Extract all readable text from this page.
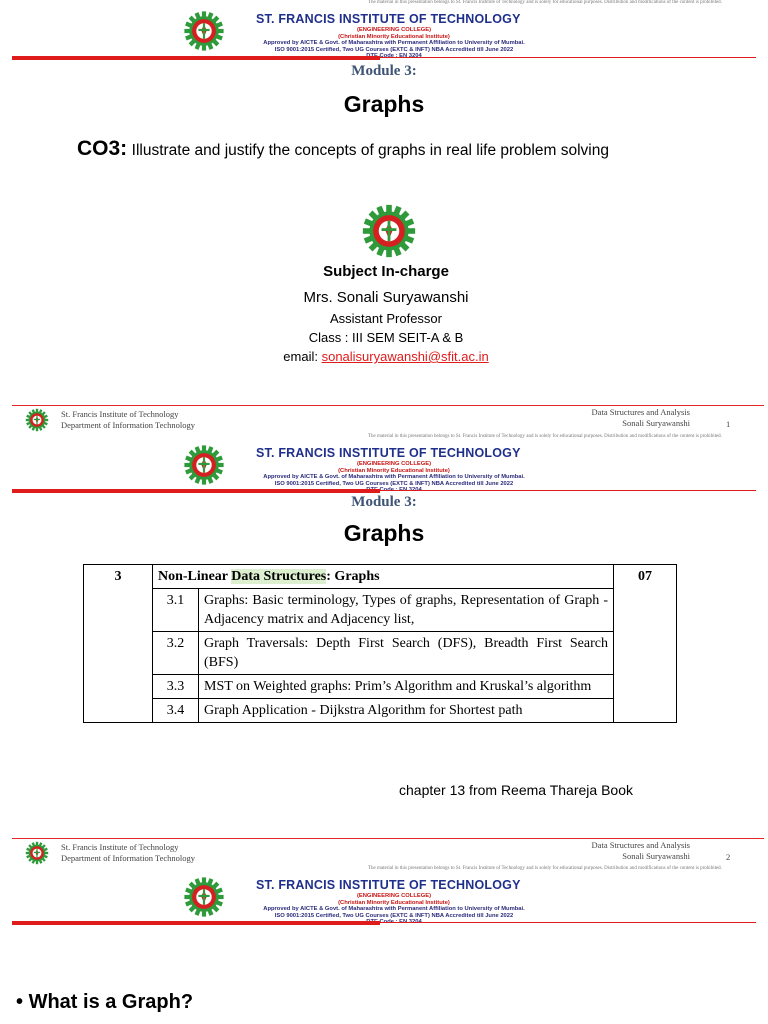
The material in this presentation belongs to St. Francis Institute of Technology and is solely for educational purposes. Distribution and modifications of the content is prohibited.
ST. FRANCIS INSTITUTE OF TECHNOLOGY
(ENGINEERING COLLEGE)
(Christian Minority Educational Institute)
Approved by AICTE & Govt. of Maharashtra with Permanent Affiliation to University of Mumbai.
ISO 9001:2015 Certified, Two UG Courses (EXTC & INFT) NBA Accredited till June 2022
Module 3:
Graphs
CO3: Illustrate and justify the concepts of graphs in real life problem solving
Subject In-charge
Mrs. Sonali Suryawanshi
Assistant Professor
Class : III SEM SEIT-A & B
email: sonalisuryawanshi@sfit.ac.in
St. Francis Institute of Technology
Department of Information Technology
Data Structures and Analysis
Sonali Suryawanshi	1
The material in this presentation belongs to St. Francis Institute of Technology and is solely for educational purposes. Distribution and modifications of the content is prohibited.
ST. FRANCIS INSTITUTE OF TECHNOLOGY
(ENGINEERING COLLEGE)
(Christian Minority Educational Institute)
Approved by AICTE & Govt. of Maharashtra with Permanent Affiliation to University of Mumbai.
ISO 9001:2015 Certified, Two UG Courses (EXTC & INFT) NBA Accredited till June 2022
Module 3:
Graphs
3	Non-Linear Data Structures: Graphs		07
	3.1	Graphs: Basic terminology, Types of graphs, Representation of Graph - Adjacency matrix and Adjacency list,	
	3.2	Graph Traversals: Depth First Search (DFS), Breadth First Search (BFS)	
	3.3	MST on Weighted graphs: Prim’s Algorithm and Kruskal’s algorithm	
	3.4	Graph Application - Dijkstra Algorithm for Shortest path	
chapter 13 from Reema Thareja Book
St. Francis Institute of Technology
Department of Information Technology
Data Structures and Analysis
Sonali Suryawanshi	2
The material in this presentation belongs to St. Francis Institute of Technology and is solely for educational purposes. Distribution and modifications of the content is prohibited.
ST. FRANCIS INSTITUTE OF TECHNOLOGY
(ENGINEERING COLLEGE)
(Christian Minority Educational Institute)
Approved by AICTE & Govt. of Maharashtra with Permanent Affiliation to University of Mumbai.
ISO 9001:2015 Certified, Two UG Courses (EXTC & INFT) NBA Accredited till June 2022
• What is a Graph?
